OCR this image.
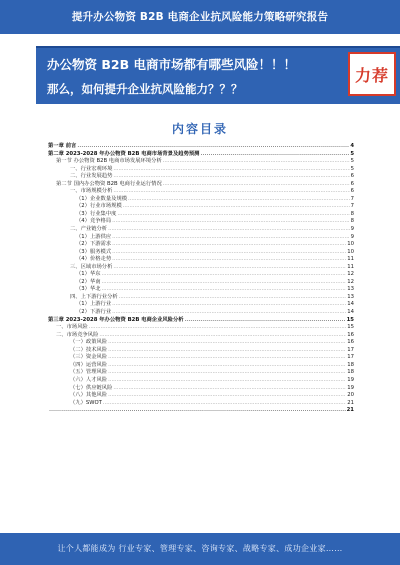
提升办公物资 B2B 电商企业抗风险能力策略研究报告
办公物资 B2B 电商市场都有哪些风险！！！
那么，如何提升企业抗风险能力？？？
力荐
内容目录
第一章 前言 .....	4
第二章 2023-2028 年办公物资 B2B 电商市场背景及趋势预测 .....	5
第一节 办公物资 B2B 电商市场发展环境分析 .....	5
一、行业宏观环境 .....	5
二、行业发展趋势 .....	6
第二节 国内办公物资 B2B 电商行业运行情况 .....	6
一、市场规模分析 .....	6
（1）企业数量及规模 .....	7
（2）行业市场规模 .....	7
（3）行业集中度 .....	8
（4）竞争格局 .....	8
二、产业链分析 .....	9
（1）上游供应 .....	9
（2）下游需求 .....	10
（3）服务模式 .....	10
（4）价格走势 .....	11
三、区域市场分析 .....	11
（1）华东 .....	12
（2）华南 .....	12
（3）华北 .....	13
四、上下游行业分析 .....	13
（1）上游行业 .....	14
（2）下游行业 .....	14
第三章 2023-2028 年办公物资 B2B 电商企业风险分析 .....	15
一、市场风险 .....	15
二、市场竞争风险 .....	16
（一）政策风险 .....	16
（二）技术风险 .....	17
（三）资金风险 .....	17
（四）运营风险 .....	18
（五）管理风险 .....	18
（六）人才风险 .....	19
（七）供应链风险 .....	19
（八）其他风险 .....	20
（九）SWOT .....	21
.....
21
让个人都能成为 行业专家、管理专家、咨询专家、战略专家、成功企业家……
